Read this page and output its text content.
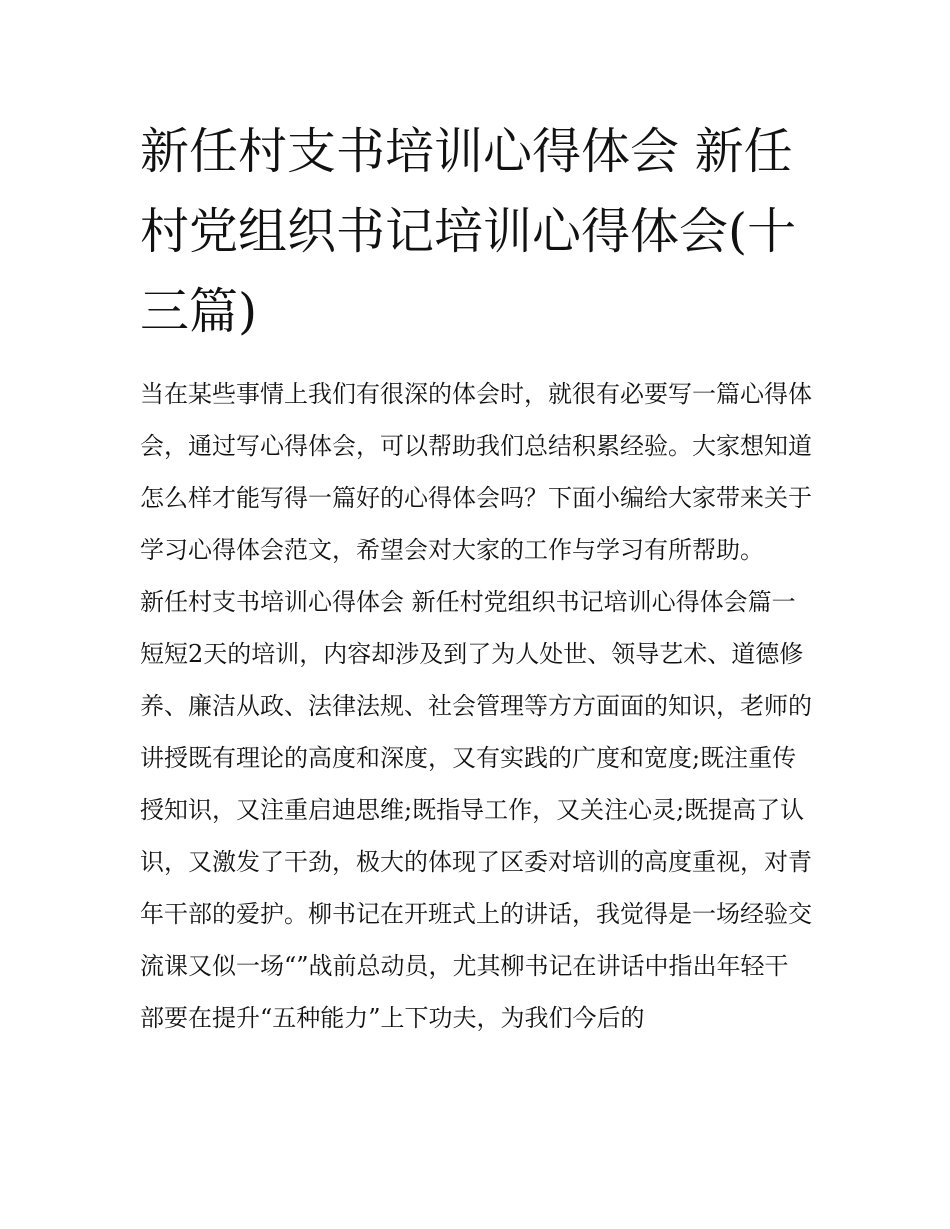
新任村支书培训心得体会 新任村党组织书记培训心得体会(十三篇)

当在某些事情上我们有很深的体会时，就很有必要写一篇心得体会，通过写心得体会，可以帮助我们总结积累经验。大家想知道怎么样才能写得一篇好的心得体会吗？下面小编给大家带来关于学习心得体会范文，希望会对大家的工作与学习有所帮助。

新任村支书培训心得体会 新任村党组织书记培训心得体会篇一

短短2天的培训，内容却涉及到了为人处世、领导艺术、道德修养、廉洁从政、法律法规、社会管理等方方面面的知识，老师的讲授既有理论的高度和深度，又有实践的广度和宽度;既注重传授知识，又注重启迪思维;既指导工作，又关注心灵;既提高了认识，又激发了干劲，极大的体现了区委对培训的高度重视，对青年干部的爱护。柳书记在开班式上的讲话，我觉得是一场经验交流课又似一场“”战前总动员，尤其柳书记在讲话中指出年轻干部要在提升“五种能力”上下功夫，为我们今后的
